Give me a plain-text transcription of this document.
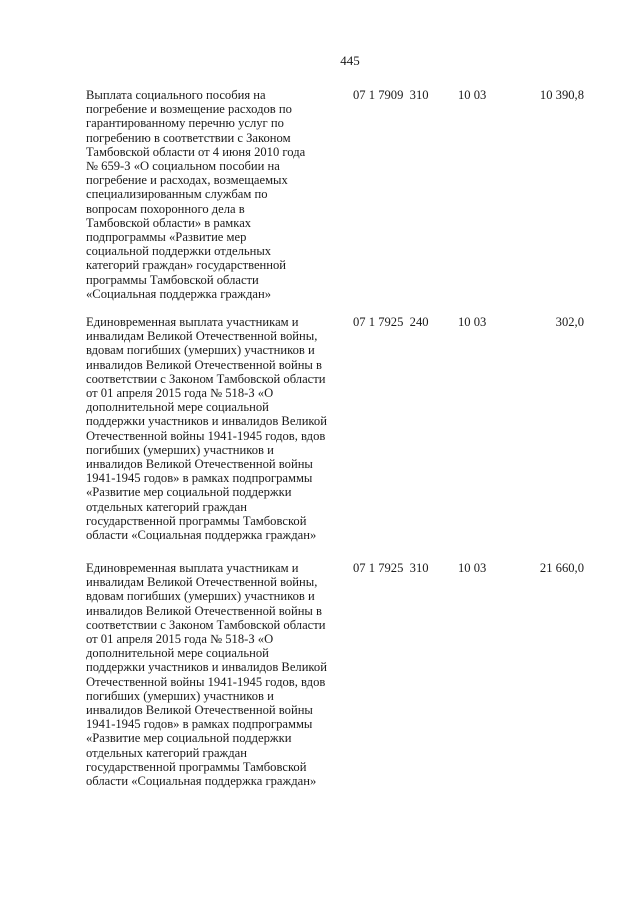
445
Выплата социального пособия на
погребение и возмещение расходов по
гарантированному перечню услуг по
погребению в соответствии с Законом
Тамбовской области от 4 июня 2010 года
№ 659-З «О социальном пособии на
погребение и расходах, возмещаемых
специализированным службам по
вопросам похоронного дела в
Тамбовской области» в рамках
подпрограммы «Развитие мер
социальной поддержки отдельных
категорий граждан» государственной
программы Тамбовской области
«Социальная поддержка граждан»
07 1 7909  310 10 03	10 390,8
Единовременная выплата участникам и
инвалидам Великой Отечественной войны,
вдовам погибших (умерших) участников и
инвалидов Великой Отечественной войны в
соответствии с Законом Тамбовской области
от 01 апреля 2015 года № 518-З «О
дополнительной мере социальной
поддержки участников и инвалидов Великой
Отечественной войны 1941-1945 годов, вдов
погибших (умерших) участников и
инвалидов Великой Отечественной войны
1941-1945 годов» в рамках подпрограммы
«Развитие мер социальной поддержки
отдельных категорий граждан
государственной программы Тамбовской
области «Социальная поддержка граждан»
07 1 7925  240 10 03	302,0
Единовременная выплата участникам и
инвалидам Великой Отечественной войны,
вдовам погибших (умерших) участников и
инвалидов Великой Отечественной войны в
соответствии с Законом Тамбовской области
от 01 апреля 2015 года № 518-З «О
дополнительной мере социальной
поддержки участников и инвалидов Великой
Отечественной войны 1941-1945 годов, вдов
погибших (умерших) участников и
инвалидов Великой Отечественной войны
1941-1945 годов» в рамках подпрограммы
«Развитие мер социальной поддержки
отдельных категорий граждан
государственной программы Тамбовской
области «Социальная поддержка граждан»
07 1 7925  310 10 03	21 660,0
